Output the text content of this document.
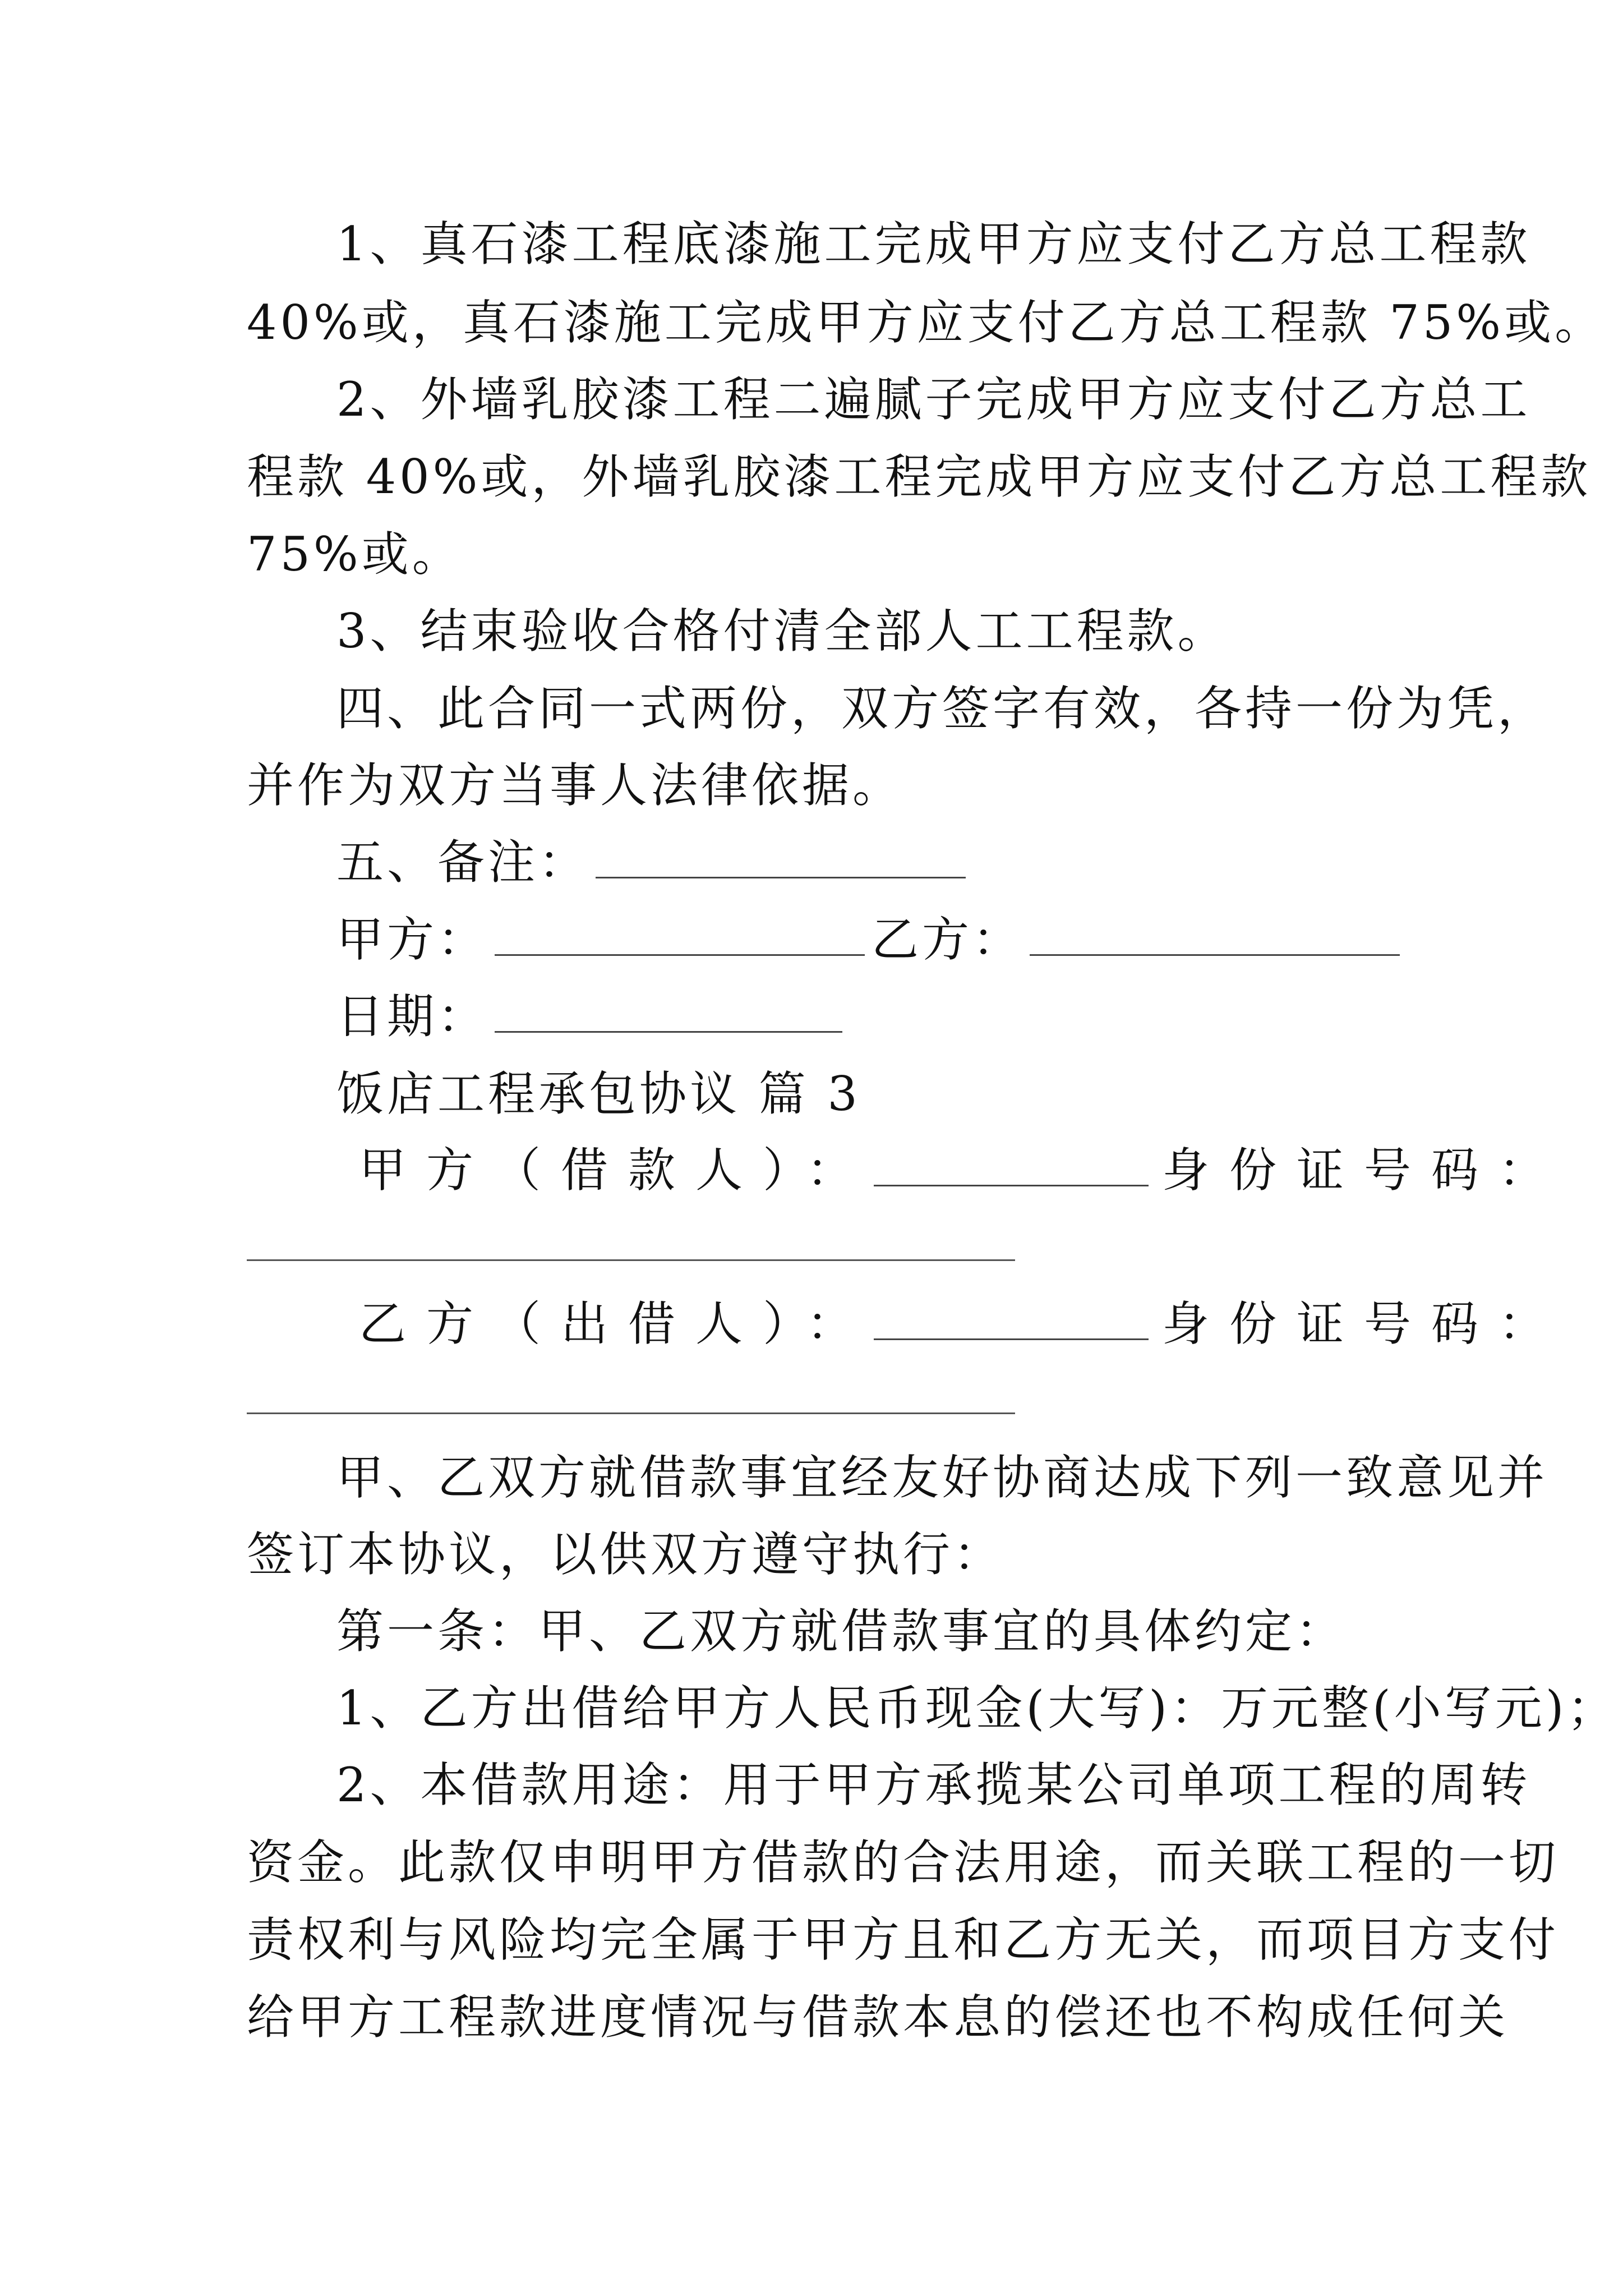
1、真石漆工程底漆施工完成甲方应支付乙方总工程款
40%或，真石漆施工完成甲方应支付乙方总工程款 75%或。
2、外墙乳胶漆工程二遍腻子完成甲方应支付乙方总工
程款 40%或，外墙乳胶漆工程完成甲方应支付乙方总工程款
75%或。
3、结束验收合格付清全部人工工程款。
四、此合同一式两份，双方签字有效，各持一份为凭，
并作为双方当事人法律依据。
五、备注：
甲方：	乙方：
日期：
饭店工程承包协议 篇 3
甲方（借款人）：	身份证号码：
乙方（出借人）：	身份证号码：
甲、乙双方就借款事宜经友好协商达成下列一致意见并
签订本协议，以供双方遵守执行：
第一条：甲、乙双方就借款事宜的具体约定：
1、乙方出借给甲方人民币现金(大写)：万元整(小写元)；
2、本借款用途：用于甲方承揽某公司单项工程的周转
资金。此款仅申明甲方借款的合法用途，而关联工程的一切
责权利与风险均完全属于甲方且和乙方无关，而项目方支付
给甲方工程款进度情况与借款本息的偿还也不构成任何关
